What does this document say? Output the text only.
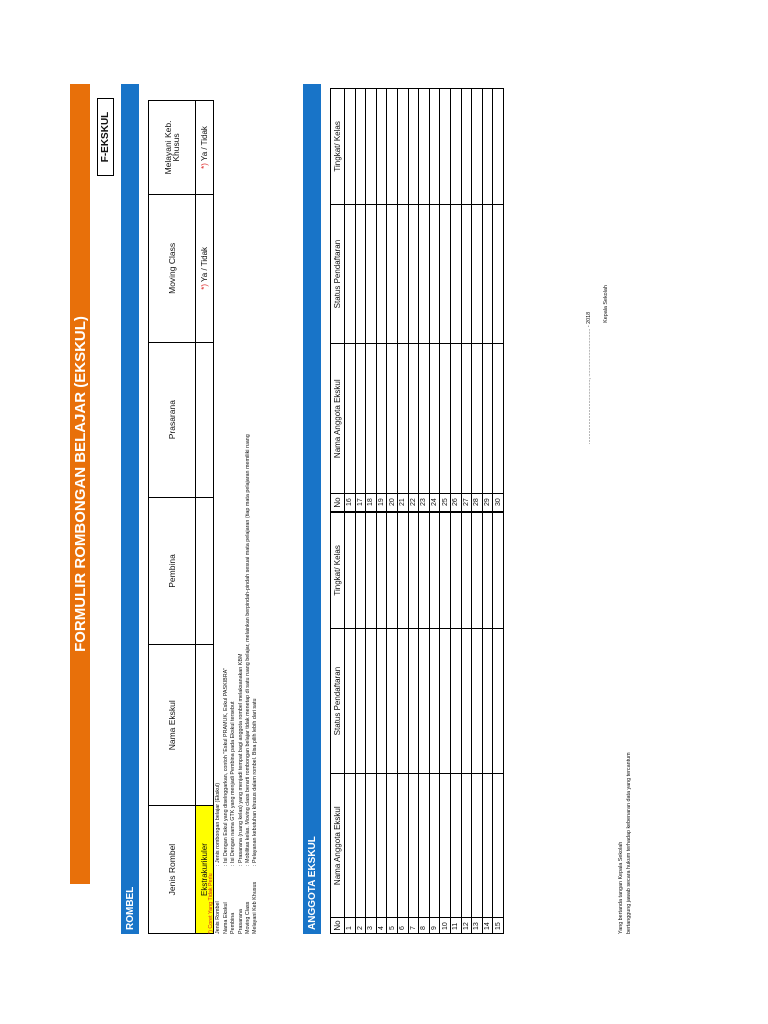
FORMULIR ROMBONGAN BELAJAR (EKSKUL)
F-EKSKUL
ROMBEL
Jenis Rombel	Nama Ekskul	Pembina	Prasarana	Moving Class	Melayani Keb. Khusus
Ekstrakurikuler				*) Ya / Tidak	*) Ya / Tidak
*) Coret Yang Tidak Perlu Jenis Rombel: Jenis rombongan belajar (Ekskul)
Nama Ekskul: Isi Dengan Eskul yang diselnggarkan, contoh "Eskul PRAMUK, Eskul PASKIBRA"
Pembina: Isi Dengan nama GTK yang menjadi Pembina pada Ekskul tersebut
Prasarana: Prasarana (ruang kelas) yang menjadi tempat bagi anggota rombel melaksanakan KBM
Moving Class: Mobilitas kelas. Moving class berarti rombongan belajar tidak menetap di satu ruang belajar, melainkan berpindah-pindah sesuai mata pelajaran (tiap mata pelajaran memiliki ruang
Melayani Keb Khusus: Pelayanan kebutuhan khusus dalam rombel. Bisa pilih lebih dari satu
ANGGOTA EKSKUL No	Nama Anggota Ekskul	Status Pendaftaran	Tingkat/ Kelas
1			
2			
3			
4			
5			
6			
7			
8			
9			
10			
11			
12			
13			
14			
15			
No	Nama Anggota Ekskul	Status Pendaftaran	Tingkat/ Kelas
16			
17			
18			
19			
20			
21			
22			
23			
24			
25			
26			
27			
28			
29			
30			
Yang bertanda tangan Kepala Sekolah bertanggung jawab secara hukum terhadap kebenaran data yang tercantum
..........................................., ................................ - 2018
Kepala Sekolah
